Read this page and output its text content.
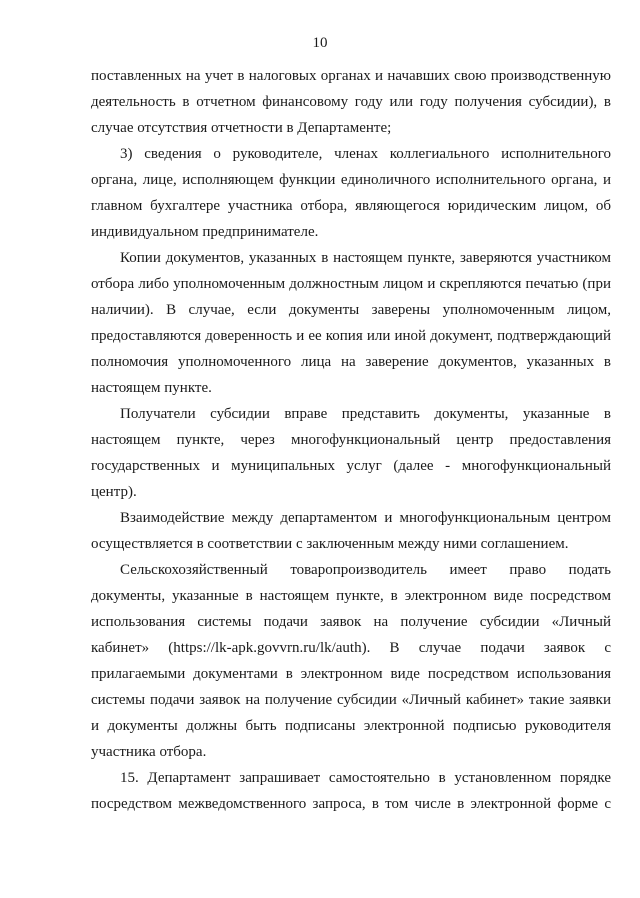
10

поставленных на учет в налоговых органах и начавших свою производственную деятельность в отчетном финансовому году или году получения субсидии), в случае отсутствия отчетности в Департаменте;

3) сведения о руководителе, членах коллегиального исполнительного органа, лице, исполняющем функции единоличного исполнительного органа, и главном бухгалтере участника отбора, являющегося юридическим лицом, об индивидуальном предпринимателе.

Копии документов, указанных в настоящем пункте, заверяются участником отбора либо уполномоченным должностным лицом и скрепляются печатью (при наличии). В случае, если документы заверены уполномоченным лицом, предоставляются доверенность и ее копия или иной документ, подтверждающий полномочия уполномоченного лица на заверение документов, указанных в настоящем пункте.

Получатели субсидии вправе представить документы, указанные в настоящем пункте, через многофункциональный центр предоставления государственных и муниципальных услуг (далее - многофункциональный центр).

Взаимодействие между департаментом и многофункциональным центром осуществляется в соответствии с заключенным между ними соглашением.

Сельскохозяйственный товаропроизводитель имеет право подать документы, указанные в настоящем пункте, в электронном виде посредством использования системы подачи заявок на получение субсидии «Личный кабинет» (https://lk-apk.govvrn.ru/lk/auth). В случае подачи заявок с прилагаемыми документами в электронном виде посредством использования системы подачи заявок на получение субсидии «Личный кабинет» такие заявки и документы должны быть подписаны электронной подписью руководителя участника отбора.

15. Департамент запрашивает самостоятельно в установленном порядке посредством межведомственного запроса, в том числе в электронной форме с
